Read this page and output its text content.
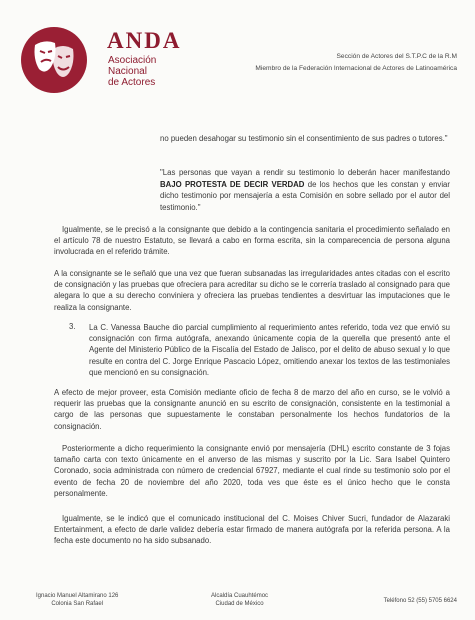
ANDA
Asociación
Nacional
de Actores
Sección de Actores del S.T.P.C de la R.M
Miembro de la Federación Internacional de Actores de Latinoamérica
no pueden desahogar su testimonio sin el consentimiento de sus padres o tutores."
"Las personas que vayan a rendir su testimonio lo deberán hacer manifestando BAJO PROTESTA DE DECIR VERDAD de los hechos que les constan y enviar dicho testimonio por mensajería a esta Comisión en sobre sellado por el autor del testimonio."
Igualmente, se le precisó a la consignante que debido a la contingencia sanitaria el procedimiento señalado en el artículo 78 de nuestro Estatuto, se llevará a cabo en forma escrita, sin la comparecencia de persona alguna involucrada en el referido trámite.
A la consignante se le señaló que una vez que fueran subsanadas las irregularidades antes citadas con el escrito de consignación y las pruebas que ofreciera para acreditar su dicho se le correría traslado al consignado para que alegara lo que a su derecho conviniera y ofreciera las pruebas tendientes a desvirtuar las imputaciones que le realiza la consignante.
3. La C. Vanessa Bauche dio parcial cumplimiento al requerimiento antes referido, toda vez que envió su consignación con firma autógrafa, anexando únicamente copia de la querella que presentó ante el Agente del Ministerio Público de la Fiscalía del Estado de Jalisco, por el delito de abuso sexual y lo que resulte en contra del C. Jorge Enrique Pascacio López, omitiendo anexar los textos de las testimoniales que mencionó en su consignación.
A efecto de mejor proveer, esta Comisión mediante oficio de fecha 8 de marzo del año en curso, se le volvió a requerir las pruebas que la consignante anunció en su escrito de consignación, consistente en la testimonial a cargo de las personas que supuestamente le constaban personalmente los hechos fundatorios de la consignación.
Posteriormente a dicho requerimiento la consignante envió por mensajería (DHL) escrito constante de 3 fojas tamaño carta con texto únicamente en el anverso de las mismas y suscrito por la Lic. Sara Isabel Quintero Coronado, socia administrada con número de credencial 67927, mediante el cual rinde su testimonio solo por el evento de fecha 20 de noviembre del año 2020, toda ves que éste es el único hecho que le consta personalmente.
Igualmente, se le indicó que el comunicado institucional del C. Moises Chiver Sucri, fundador de Alazaraki Entertainment, a efecto de darle validez debería estar firmado de manera autógrafa por la referida persona. A la fecha este documento no ha sido subsanado.
Ignacio Manuel Altamirano 126
Colonia San Rafael
Alcaldía Cuauhtémoc
Ciudad de México	Teléfono 52 (55) 5705 6624
